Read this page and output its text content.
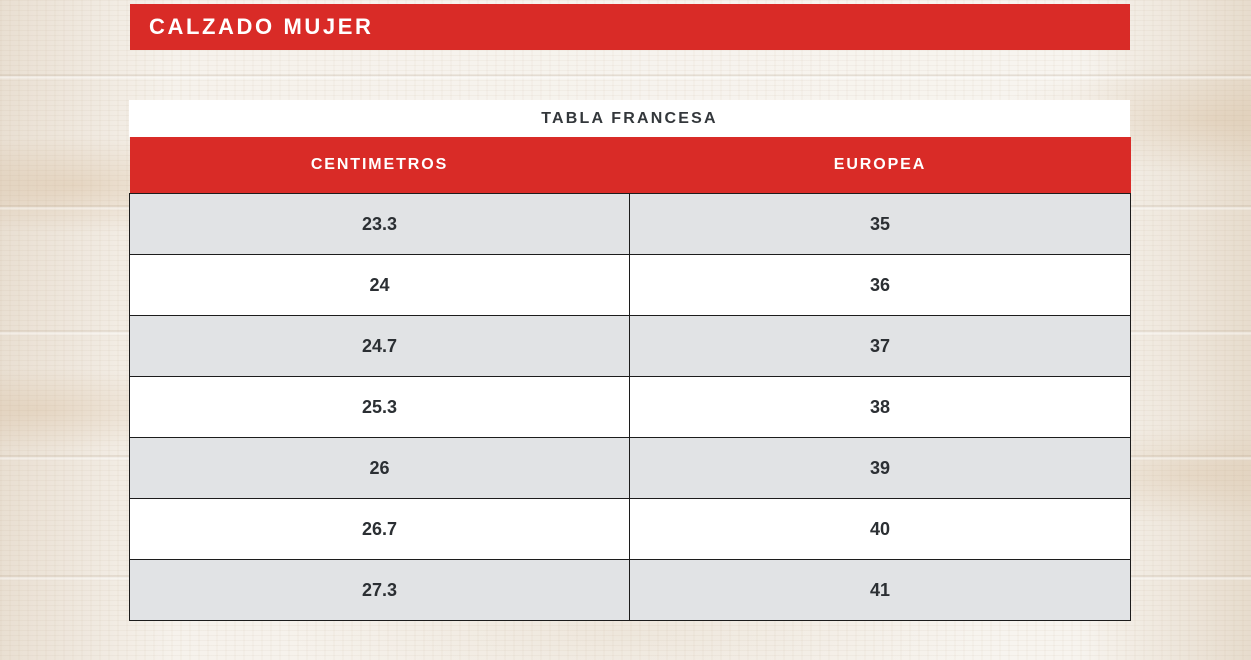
CALZADO MUJER
TABLA FRANCESA
CENTIMETROS	EUROPEA
23.3	35
24	36
24.7	37
25.3	38
26	39
26.7	40
27.3	41
